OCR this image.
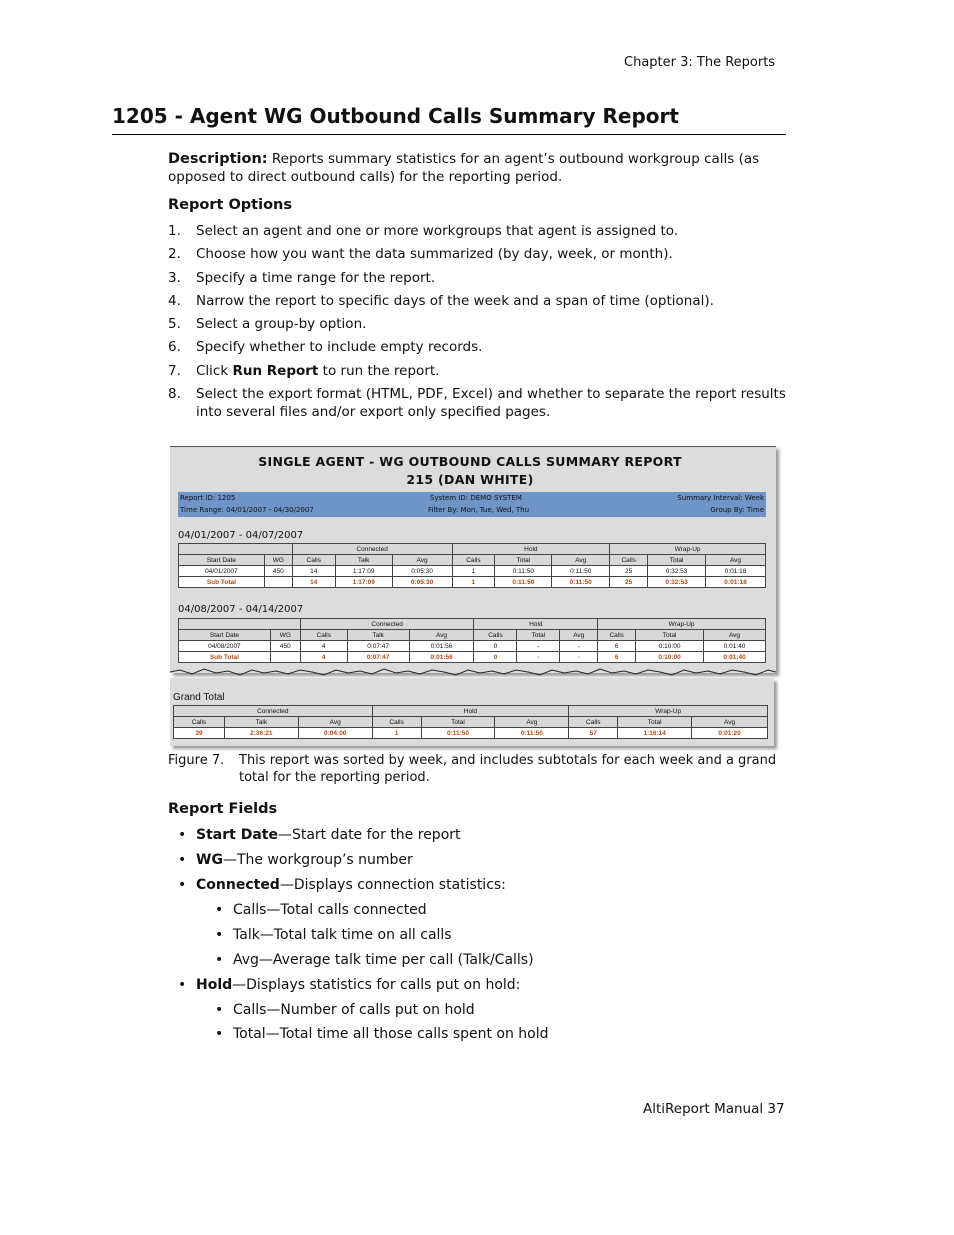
Chapter 3: The Reports
1205 - Agent WG Outbound Calls Summary Report
Description: Reports summary statistics for an agent’s outbound workgroup calls (as opposed to direct outbound calls) for the reporting period.
Report Options
1.	Select an agent and one or more workgroups that agent is assigned to.
2.	Choose how you want the data summarized (by day, week, or month).
3.	Specify a time range for the report.
4.	Narrow the report to specific days of the week and a span of time (optional).
5.	Select a group-by option.
6.	Specify whether to include empty records.
7.	Click Run Report to run the report.
8.	Select the export format (HTML, PDF, Excel) and whether to separate the report results into several files and/or export only specified pages.
SINGLE AGENT - WG OUTBOUND CALLS SUMMARY REPORT
215 (DAN WHITE)
Report ID: 1205	System ID: DEMO SYSTEM	Summary Interval: Week
Time Range: 04/01/2007 - 04/30/2007	Filter By: Mon, Tue, Wed, Thu	Group By: Time
04/01/2007 - 04/07/2007
		Connected			Hold			Wrap-Up		
Start Date	WG	Calls	Talk	Avg	Calls	Total	Avg	Calls	Total	Avg
04/01/2007	450	14	1:17:09	0:05:30	1	0:11:50	0:11:50	25	0:32:53	0:01:18
Sub Total		14	1:17:09	0:05:30	1	0:11:50	0:11:50	25	0:32:53	0:01:18
04/08/2007 - 04/14/2007
		Connected			Hold			Wrap-Up		
Start Date	WG	Calls	Talk	Avg	Calls	Total	Avg	Calls	Total	Avg
04/08/2007	450	4	0:07:47	0:01:56	0	-	-	6	0:10:00	0:01:40
Sub Total		4	0:07:47	0:01:56	0	-	-	6	0:10:00	0:01:40
Grand Total
Connected			Hold			Wrap-Up		
Calls	Talk	Avg	Calls	Total	Avg	Calls	Total	Avg
39	2:36:21	0:04:00	1	0:11:50	0:11:50	57	1:16:14	0:01:20
Figure 7.	This report was sorted by week, and includes subtotals for each week and a grand total for the reporting period.
Report Fields
• Start Date—Start date for the report
• WG—The workgroup’s number
• Connected—Displays connection statistics:
• Calls—Total calls connected
• Talk—Total talk time on all calls
• Avg—Average talk time per call (Talk/Calls)
• Hold—Displays statistics for calls put on hold:
• Calls—Number of calls put on hold
• Total—Total time all those calls spent on hold
AltiReport Manual 37
